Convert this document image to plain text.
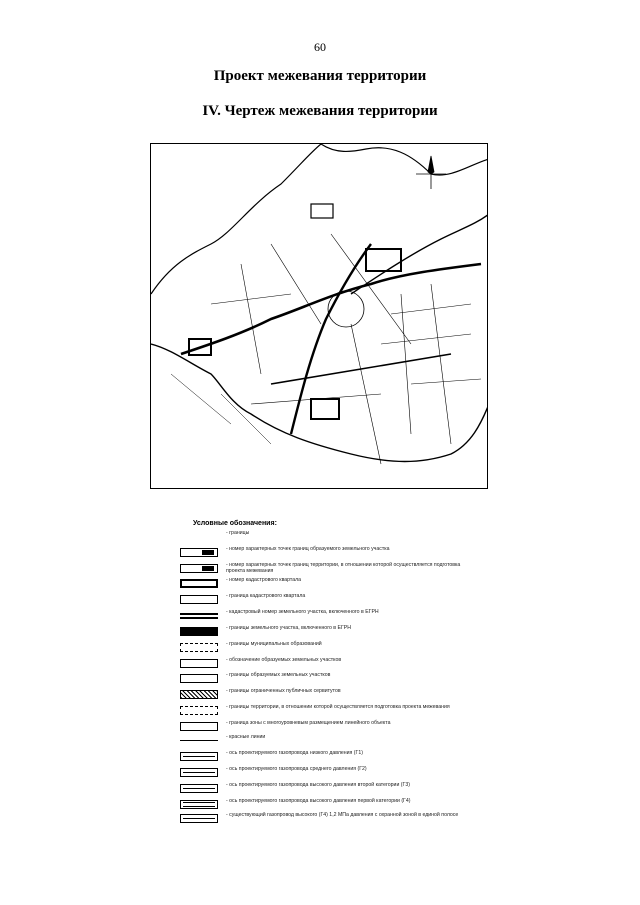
60
Проект межевания территории
IV. Чертеж межевания территории
Условные обозначения:
- границы
- номер характерных точек границ образуемого земельного участка
- номер характерных точек границ территории, в отношении которой осуществляется подготовка проекта межевания
- номер кадастрового квартала
- граница кадастрового квартала
- кадастровый номер земельного участка, включенного в ЕГРН
- границы земельного участка, включенного в ЕГРН
- границы муниципальных образований
- обозначение образуемых земельных участков
- границы образуемых земельных участков
- границы ограниченных публичных сервитутов
- границы территории, в отношении которой осуществляется подготовка проекта межевания
- граница зоны с многоуровневым размещением линейного объекта
- красные линии
- ось проектируемого газопровода низкого давления (Г1)
- ось проектируемого газопровода среднего давления (Г2)
- ось проектируемого газопровода высокого давления второй категории (Г3)
- ось проектируемого газопровода высокого давления первой категории (Г4)
- существующий газопровод высокого (Г4) 1,2 МПа давления с охранной зоной в единой полосе
